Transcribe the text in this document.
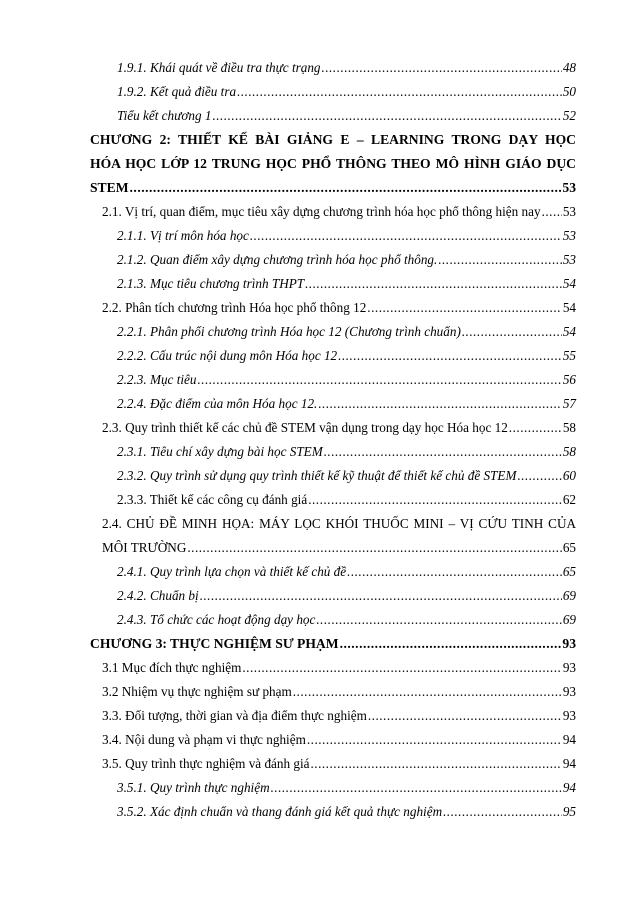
1.9.1. Khái quát về điều tra thực trạng .....	48
1.9.2. Kết quả điều tra .....	50
Tiểu kết chương 1 .....	52
CHƯƠNG 2: THIẾT KẾ BÀI GIẢNG E – LEARNING TRONG DẠY HỌC
HÓA HỌC LỚP 12 TRUNG HỌC PHỔ THÔNG THEO MÔ HÌNH GIÁO DỤC
STEM .....	53
2.1. Vị trí, quan điểm, mục tiêu xây dựng chương trình hóa học phổ thông hiện nay ..... 53
2.1.1. Vị trí môn hóa học .....	53
2.1.2. Quan điểm xây dựng chương trình hóa học phổ thông. .....	53
2.1.3. Mục tiêu chương trình THPT .....	54
2.2. Phân tích chương trình Hóa học phổ thông 12 .....	54
2.2.1. Phân phối chương trình Hóa học 12 (Chương trình chuẩn) .....	54
2.2.2. Cấu trúc nội dung môn Hóa học 12 .....	55
2.2.3. Mục tiêu .....	56
2.2.4. Đặc điểm của môn Hóa học 12. .....	57
2.3. Quy trình thiết kế các chủ đề STEM vận dụng trong dạy học Hóa học 12 .....	58
2.3.1. Tiêu chí xây dựng bài học STEM .....	58
2.3.2. Quy trình sử dụng quy trình thiết kế kỹ thuật để thiết kế chủ đề STEM .....	60
2.3.3. Thiết kế các công cụ đánh giá .....	62
2.4. CHỦ ĐỀ MINH HỌA: MÁY LỌC KHÓI THUỐC MINI – VỊ CỨU TINH CỦA
MÔI TRƯỜNG .....	65
2.4.1. Quy trình lựa chọn và thiết kế chủ đề .....	65
2.4.2. Chuẩn bị .....	69
2.4.3. Tổ chức các hoạt động dạy học .....	69
CHƯƠNG 3: THỰC NGHIỆM SƯ PHẠM .....	93
3.1 Mục đích thực nghiệm .....	93
3.2 Nhiệm vụ thực nghiệm sư phạm .....	93
3.3. Đối tượng, thời gian và địa điểm thực nghiệm .....	93
3.4. Nội dung và phạm vi thực nghiệm .....	94
3.5. Quy trình thực nghiệm và đánh giá .....	94
3.5.1. Quy trình thực nghiệm .....	94
3.5.2. Xác định chuẩn và thang đánh giá kết quả thực nghiệm .....	95
